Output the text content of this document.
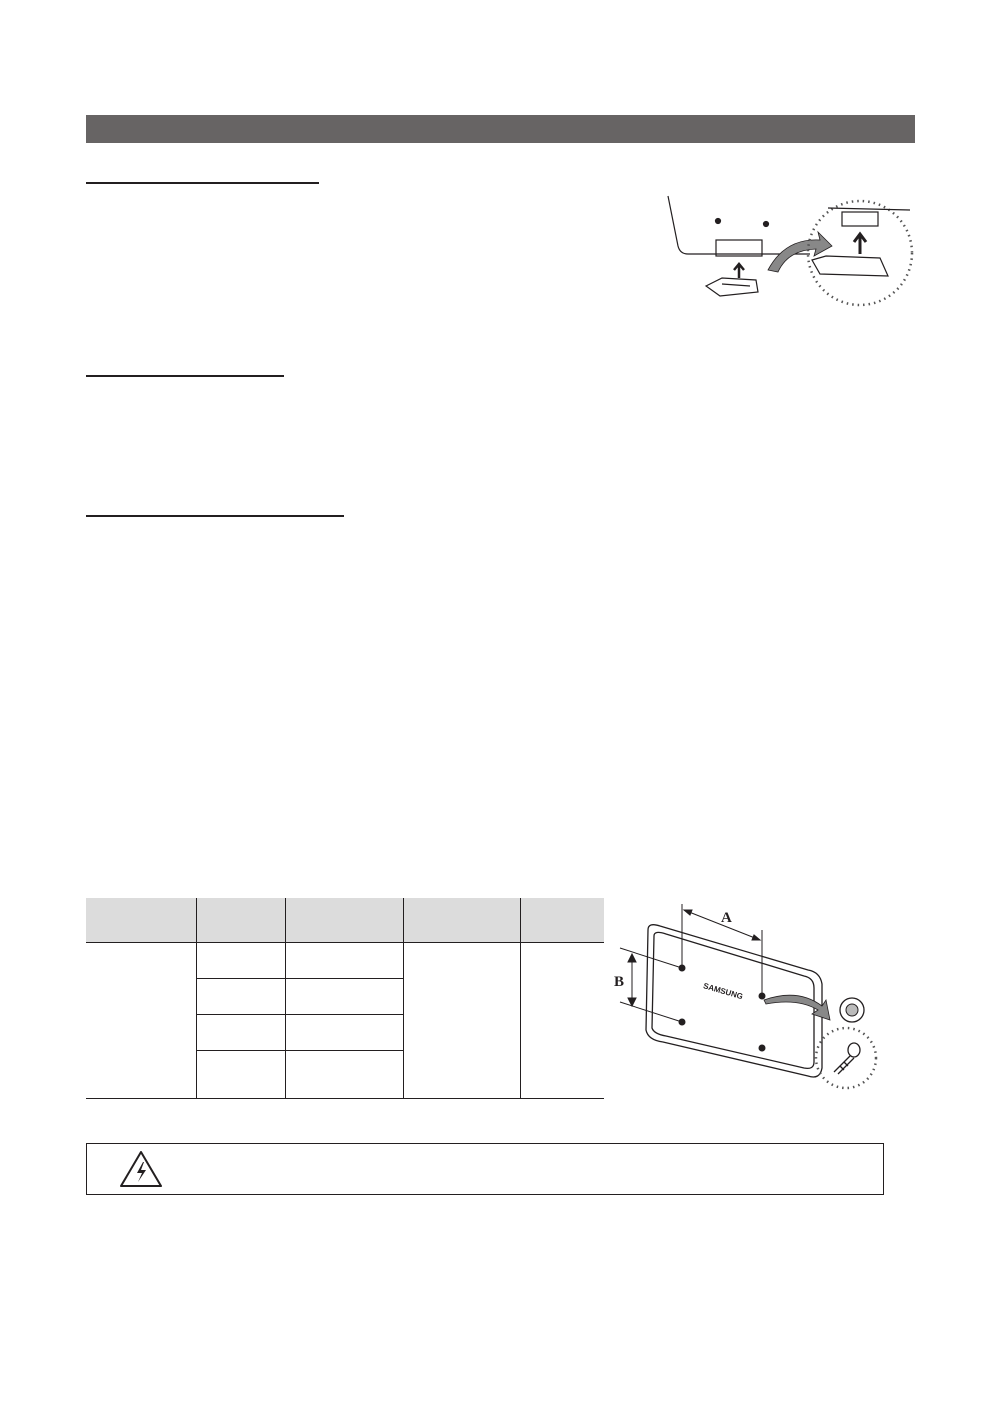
SAMSUNG
A
B
